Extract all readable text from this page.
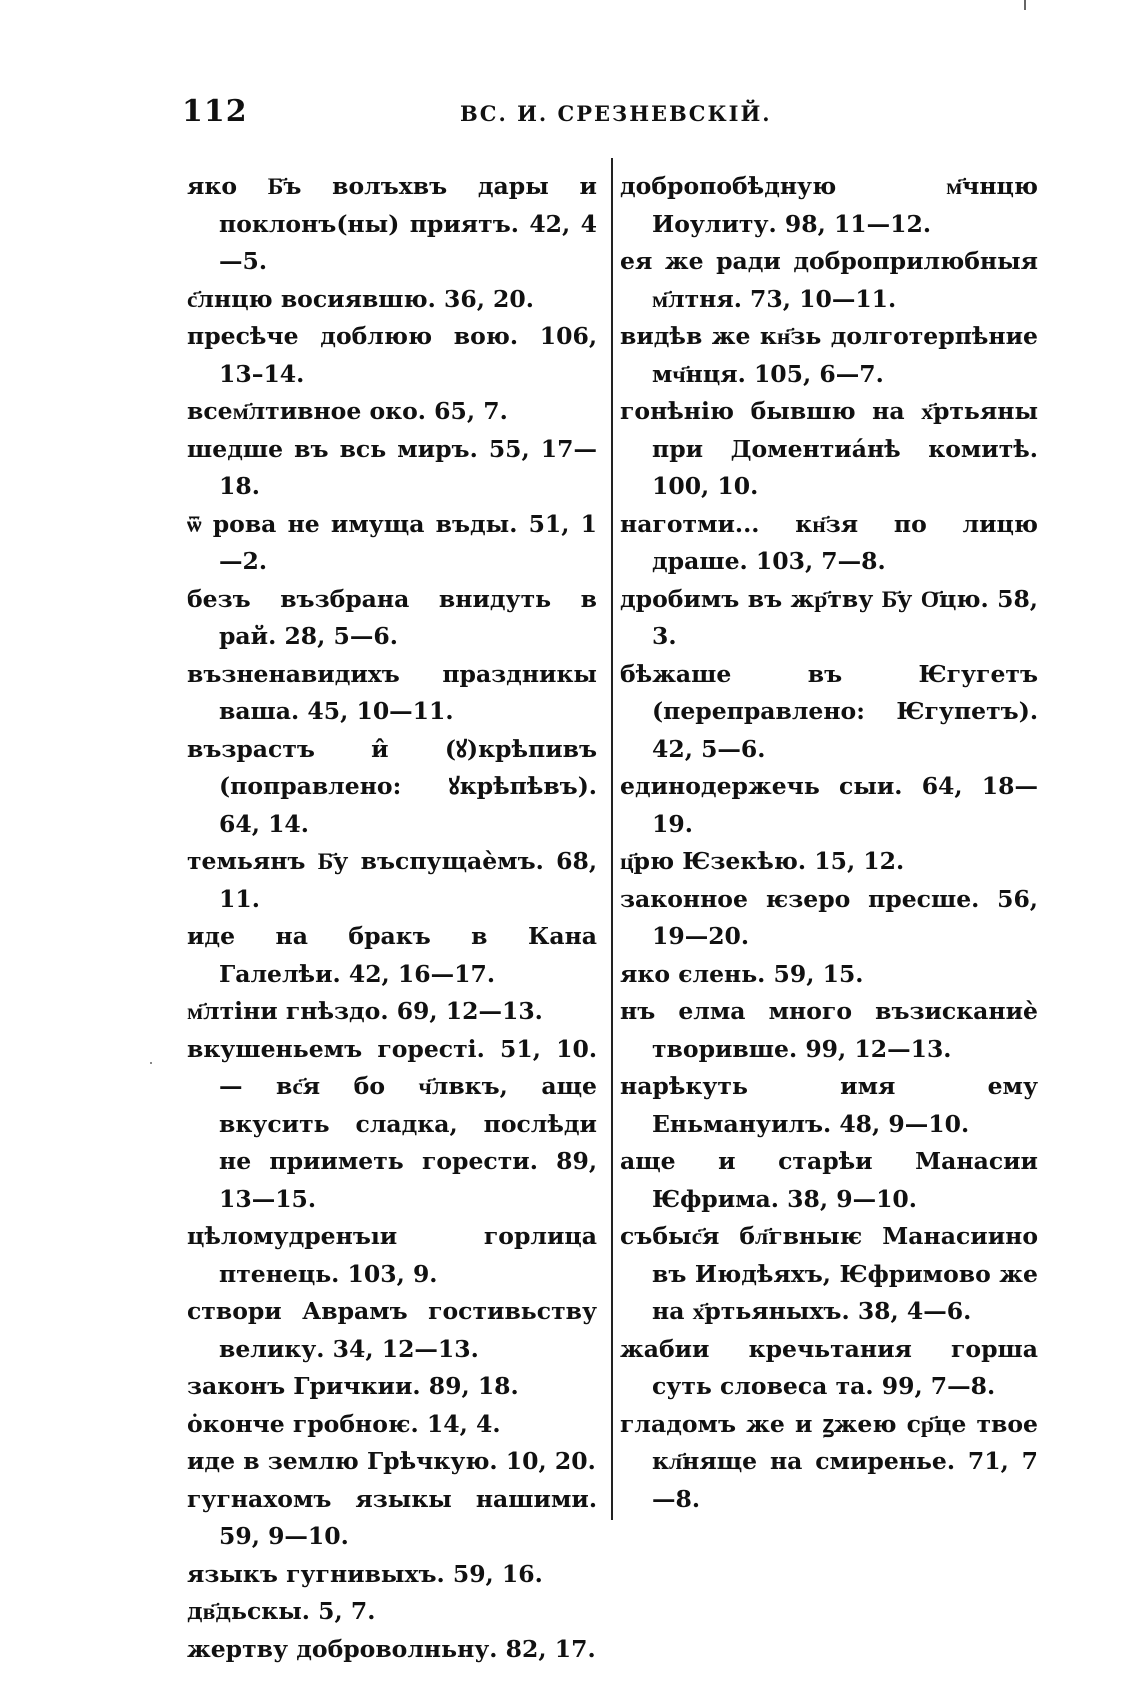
112	ВС. И. СРЕЗНЕВСКІЙ.

яко Б҃ъ волъхвъ дары и поклонъ(ны) приятъ. 42, 4—5.

с҃лнцю восиявшю. 36, 20.

пресѣче доблюю вою. 106, 13–14.

всем҃лтивное око. 65, 7.

шедше въ всь миръ. 55, 17—18.

ѿ рова не имуща въды. 51, 1—2.

безъ възбрана внидуть в рай. 28, 5—6.

възнeнавидихъ праздникы ваша. 45, 10—11.

възрастъ и̂ (ꙋ)крѣпивъ (поправлено: ꙋкрѣпѣвъ). 64, 14.

темьянъ Б҃у въспущаѐмъ. 68, 11.

иде на бракъ в Кана Галелѣи. 42, 16—17.

м҃лтiни гнѣздо. 69, 12—13.

вкушеньемъ горесті. 51, 10.— вс҃я бо ч҃лвкъ, аще вкусить сладка, послѣди не прииметь горести. 89, 13—15.

цѣломудренъıи горлица птенець. 103, 9.

створи Аврамъ гостивьству велику. 34, 12—13.

законъ Гричкии. 89, 18.

ȯконче гробноѥ. 14, 4.

иде в землю Грѣчкую. 10, 20.

гугнахомъ языкы нашими. 59, 9—10.

языкъ гугнивыхъ. 59, 16.

дв҃дьскы. 5, 7.

жертву доброволньну. 82, 17.

добропобѣдную м҃чнцю Иоулиту. 98, 11—12.

ея же ради доброприлюбныя м҃лтня. 73, 10—11.

видѣв же кн҃зь долготерпѣние мч҃нця. 105, 6—7.

гонѣнію бывшю на х҃ртьяны при Доментиа́нѣ комитѣ. 100, 10.

наготми... кн҃зя по лицю драше. 103, 7—8.

дробимъ въ жр҃тву Б҃у О҃цю. 58, 3.

бѣжаше въ Ѥгугетъ (переправлено: Ѥгупетъ). 42, 5—6.

единодержечь сыи. 64, 18—19.

ц҃рю Ѥзекѣю. 15, 12.

законное ѥзеро пресше. 56, 19—20.

яко єлень. 59, 15.

нъ елма много възисканиѐ творивше. 99, 12—13.

нарѣкуть имя ему Еньмануилъ. 48, 9—10.

аще и старѣи Манасии Ѥфрима. 38, 9—10.

събыс҃я бл҃гвныѥ Манасиино въ Июдѣяхъ, Ѥфримово же на х҃ртьяныхъ. 38, 4—6.

жабии кречьтания горша суть словеса та. 99, 7—8.

гладомъ же и ꙁжею ср҃це твое кл҃няще на смиренье. 71, 7—8.
